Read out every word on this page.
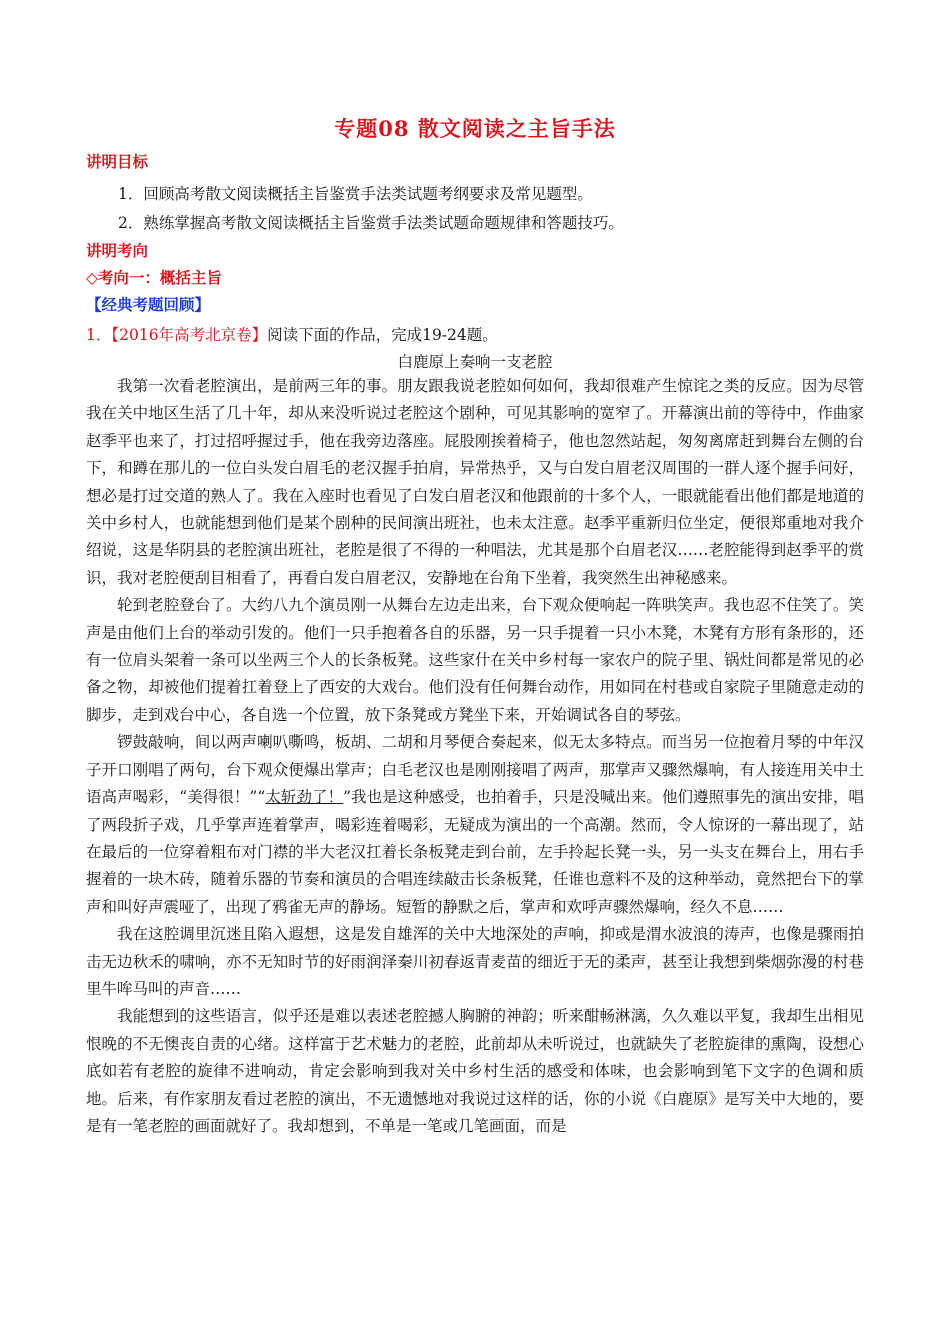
专题08 散文阅读之主旨手法
讲明目标
1．回顾高考散文阅读概括主旨鉴赏手法类试题考纲要求及常见题型。
2．熟练掌握高考散文阅读概括主旨鉴赏手法类试题命题规律和答题技巧。
讲明考向
◇考向一：概括主旨
【经典考题回顾】
1．【2016年高考北京卷】阅读下面的作品，完成19-24题。
白鹿原上奏响一支老腔

我第一次看老腔演出，是前两三年的事。朋友跟我说老腔如何如何，我却很难产生惊诧之类的反应。因为尽管我在关中地区生活了几十年，却从来没听说过老腔这个剧种，可见其影响的宽窄了。开幕演出前的等待中，作曲家赵季平也来了，打过招呼握过手，他在我旁边落座。屁股刚挨着椅子，他也忽然站起，匆匆离席赶到舞台左侧的台下，和蹲在那儿的一位白头发白眉毛的老汉握手拍肩，异常热乎，又与白发白眉老汉周围的一群人逐个握手问好，想必是打过交道的熟人了。我在入座时也看见了白发白眉老汉和他跟前的十多个人，一眼就能看出他们都是地道的关中乡村人，也就能想到他们是某个剧种的民间演出班社，也未太注意。赵季平重新归位坐定，便很郑重地对我介绍说，这是华阴县的老腔演出班社，老腔是很了不得的一种唱法，尤其是那个白眉老汉……老腔能得到赵季平的赏识，我对老腔便刮目相看了，再看白发白眉老汉，安静地在台角下坐着，我突然生出神秘感来。

轮到老腔登台了。大约八九个演员刚一从舞台左边走出来，台下观众便响起一阵哄笑声。我也忍不住笑了。笑声是由他们上台的举动引发的。他们一只手抱着各自的乐器，另一只手提着一只小木凳，木凳有方形有条形的，还有一位肩头架着一条可以坐两三个人的长条板凳。这些家什在关中乡村每一家农户的院子里、锅灶间都是常见的必备之物，却被他们提着扛着登上了西安的大戏台。他们没有任何舞台动作，用如同在村巷或自家院子里随意走动的脚步，走到戏台中心，各自选一个位置，放下条凳或方凳坐下来，开始调试各自的琴弦。

锣鼓敲响，间以两声喇叭嘶鸣，板胡、二胡和月琴便合奏起来，似无太多特点。而当另一位抱着月琴的中年汉子开口刚唱了两句，台下观众便爆出掌声；白毛老汉也是刚刚接唱了两声，那掌声又骤然爆响，有人接连用关中土语高声喝彩，“美得很！”“太斩劲了！”我也是这种感受，也拍着手，只是没喊出来。他们遵照事先的演出安排，唱了两段折子戏，几乎掌声连着掌声，喝彩连着喝彩，无疑成为演出的一个高潮。然而，令人惊讶的一幕出现了，站在最后的一位穿着粗布对门襟的半大老汉扛着长条板凳走到台前，左手拎起长凳一头，另一头支在舞台上，用右手握着的一块木砖，随着乐器的节奏和演员的合唱连续敲击长条板凳，任谁也意料不及的这种举动，竟然把台下的掌声和叫好声震哑了，出现了鸦雀无声的静场。短暂的静默之后，掌声和欢呼声骤然爆响，经久不息……

我在这腔调里沉迷且陷入遐想，这是发自雄浑的关中大地深处的声响，抑或是渭水波浪的涛声，也像是骤雨拍击无边秋禾的啸响，亦不无知时节的好雨润泽秦川初春返青麦苗的细近于无的柔声，甚至让我想到柴烟弥漫的村巷里牛哞马叫的声音……

我能想到的这些语言，似乎还是难以表述老腔撼人胸腑的神韵；听来酣畅淋漓，久久难以平复，我却生出相见恨晚的不无懊丧自责的心绪。这样富于艺术魅力的老腔，此前却从未听说过，也就缺失了老腔旋律的熏陶，设想心底如若有老腔的旋律不进响动，肯定会影响到我对关中乡村生活的感受和体味，也会影响到笔下文字的色调和质地。后来，有作家朋友看过老腔的演出，不无遗憾地对我说过这样的话，你的小说《白鹿原》是写关中大地的，要是有一笔老腔的画面就好了。我却想到，不单是一笔或几笔画面，而是
